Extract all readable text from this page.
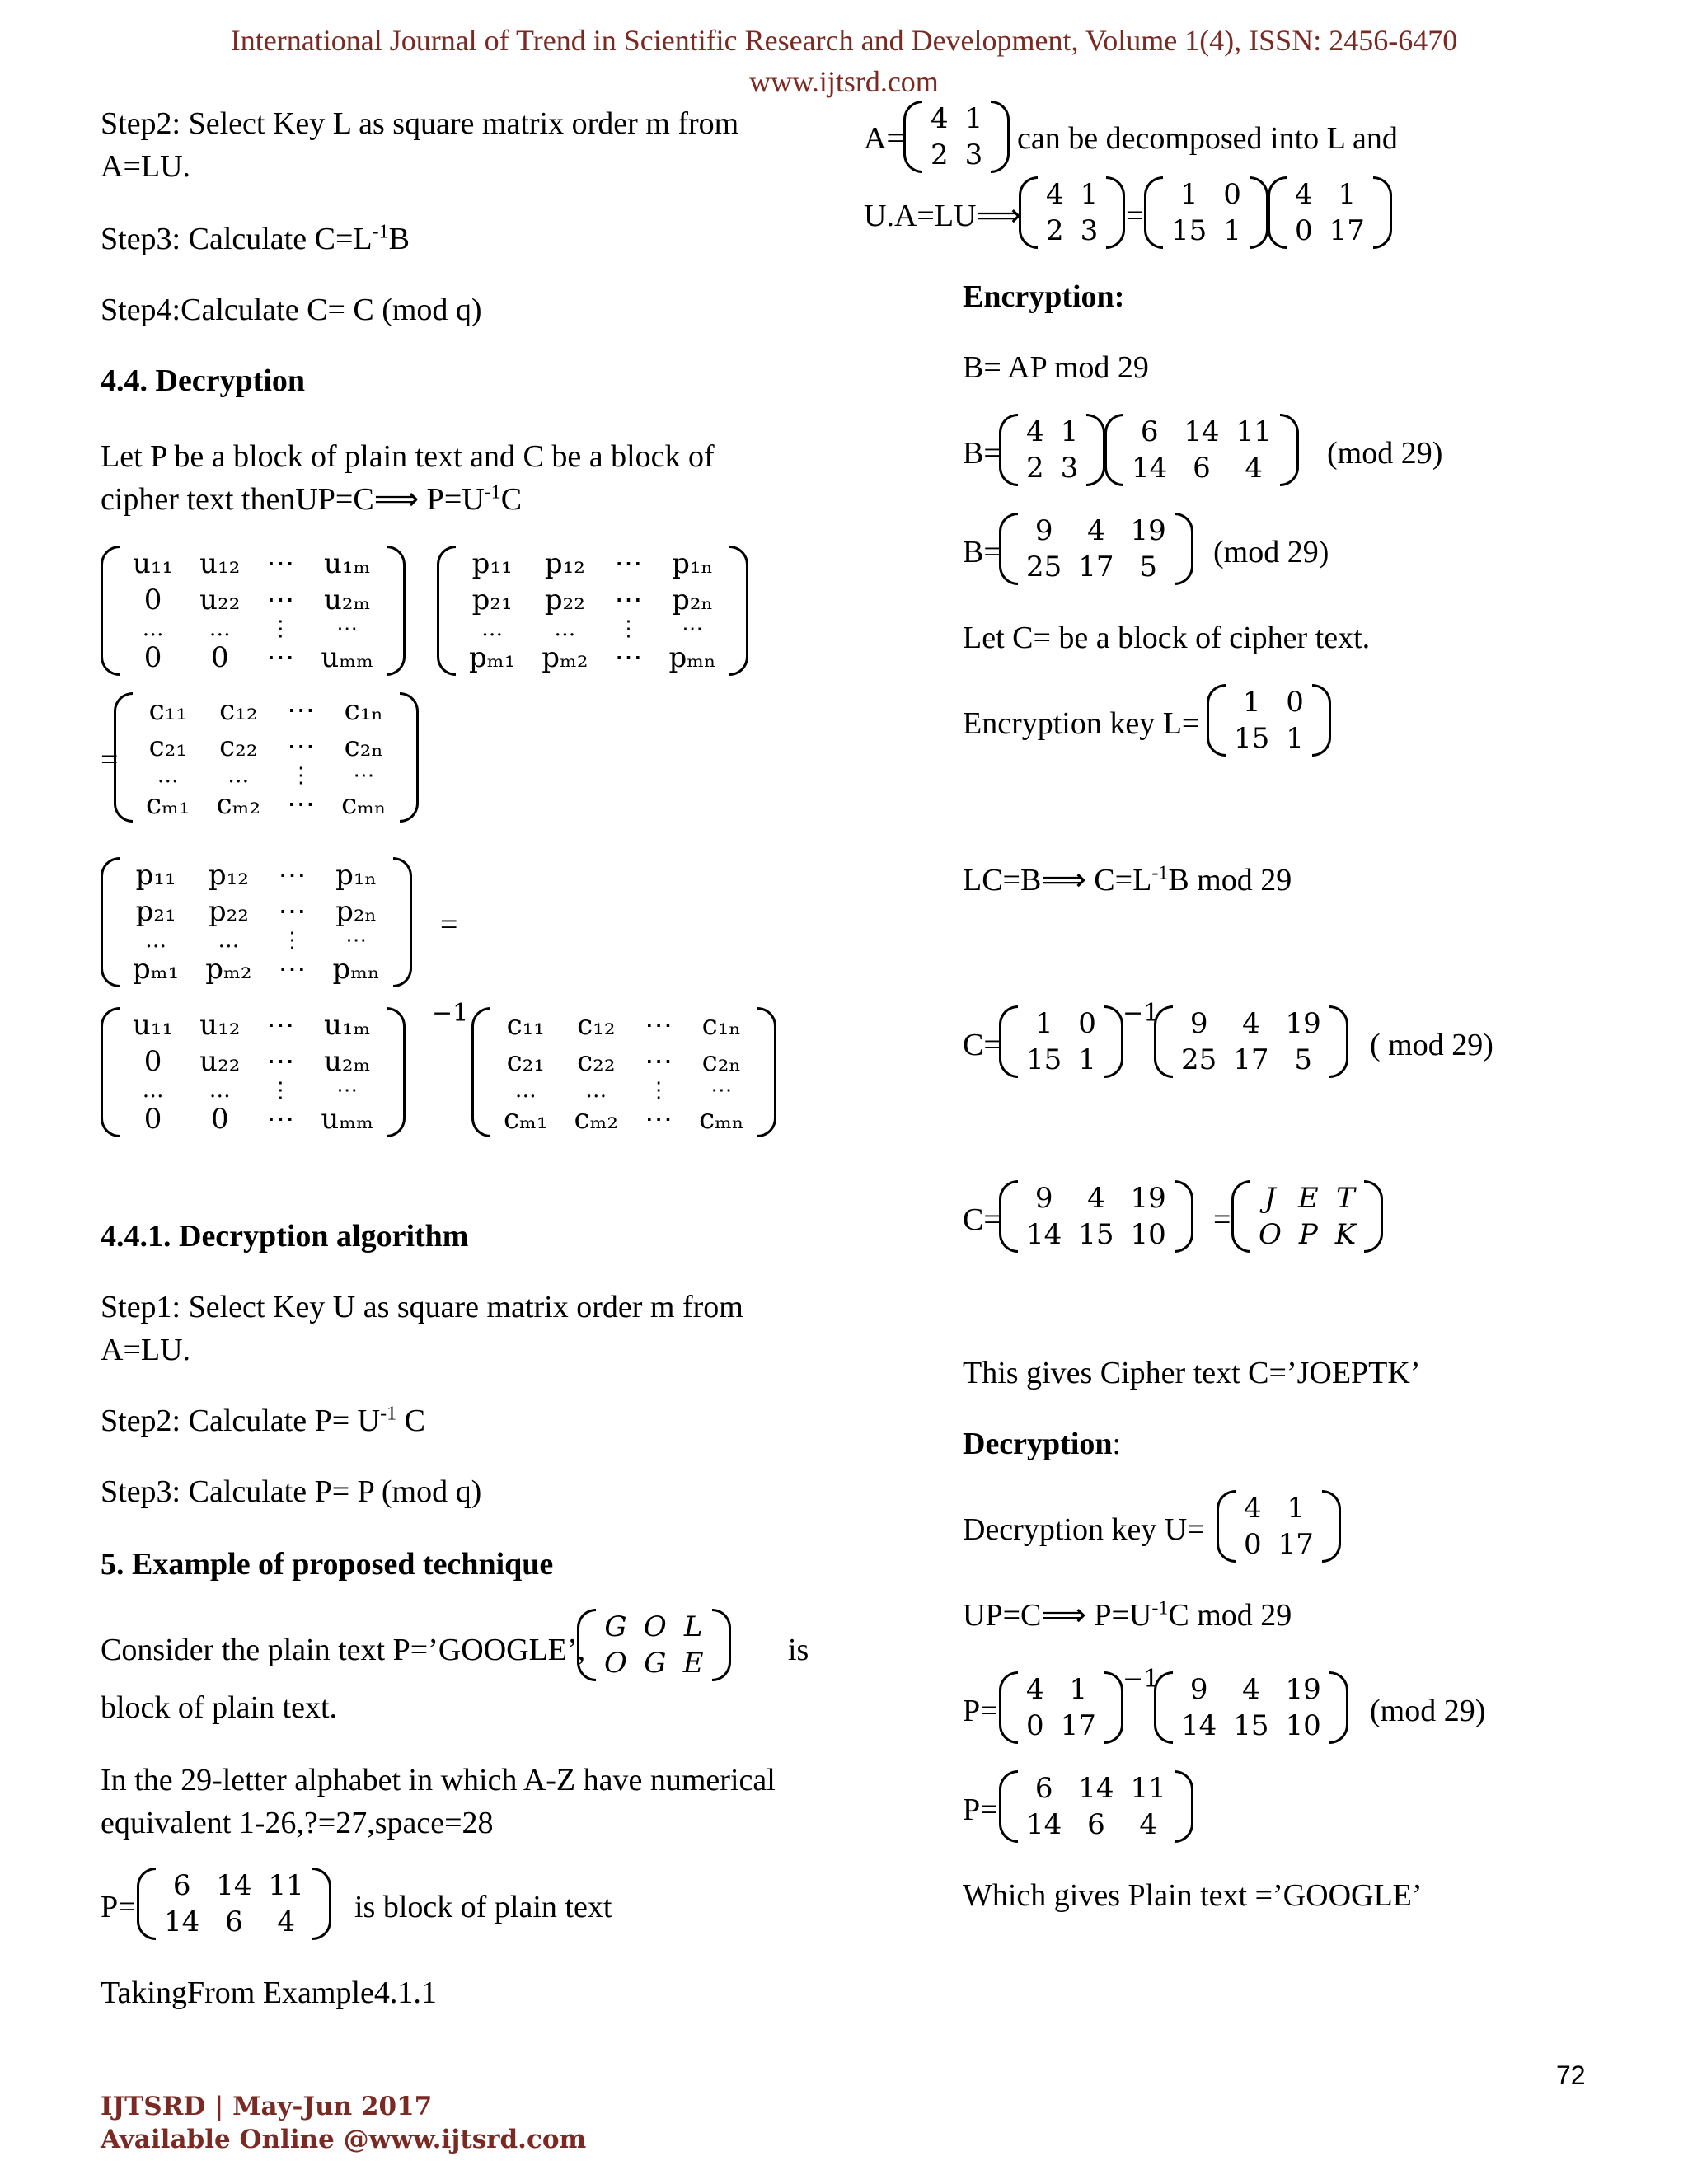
International Journal of Trend in Scientific Research and Development, Volume 1(4), ISSN: 2456-6470
www.ijtsrd.com
Step2: Select Key L as square matrix order m from
A=LU.
Step3: Calculate $C=L^{-1}B$
Step4:Calculate C= C (mod q)
4.4. Decryption
Let P be a block of plain text and C be a block of
cipher text thenUP=C⟹ $P=U^{-1}C$
u₁₁	u₁₂	⋯	u₁ₘ
0	u₂₂	⋯	u₂ₘ
…	…	⋮	⋯
0	0	⋯	uₘₘ
p₁₁	p₁₂	⋯	p₁ₙ
p₂₁	p₂₂	⋯	p₂ₙ
…	…	⋮	⋯
pₘ₁	pₘ₂	⋯	pₘₙ
=
c₁₁	c₁₂	⋯	c₁ₙ
c₂₁	c₂₂	⋯	c₂ₙ
…	…	⋮	⋯
cₘ₁	cₘ₂	⋯	cₘₙ
p₁₁	p₁₂	⋯	p₁ₙ
p₂₁	p₂₂	⋯	p₂ₙ
…	…	⋮	⋯
pₘ₁	pₘ₂	⋯	pₘₙ
=
u₁₁	u₁₂	⋯	u₁ₘ
0	u₂₂	⋯	u₂ₘ
…	…	⋮	⋯
0	0	⋯	uₘₘ
−1 c₁₁	c₁₂	⋯	c₁ₙ
c₂₁	c₂₂	⋯	c₂ₙ
…	…	⋮	⋯
cₘ₁	cₘ₂	⋯	cₘₙ
4.4.1. Decryption algorithm
Step1: Select Key U as square matrix order m from
A=LU.
Step2: Calculate $P= U^{-1}$ C
Step3: Calculate P= P (mod q)
5. Example of proposed technique
Consider the plain text P=’GOOGLE’,
G	O	L
O	G	E	is
block of plain text.
In the 29-letter alphabet in which A-Z have numerical
equivalent 1-26,?=27,space=28
P=
6	14	11
14	6	4 is block of plain text
TakingFrom Example4.1.1
A=
4	1
2	3 can be decomposed into L and
U.A=LU⟹
4	1
2	3 =
1	0
15	1
4	1
0	17
Encryption:
B= AP mod 29
B=
4	1
2	3
6	14	11
14	6	4 (mod 29)
B=
9	4	19
25	17	5 (mod 29)
Let C= be a block of cipher text.
Encryption key L=
1	0
15	1
LC=B⟹ $C=L^{-1}B$ mod 29
C=
1	0
15	1
−1 9	4	19
25	17	5 ( mod 29)
C=
9	4	19
14	15	10 =
J	E	T
O	P	K
This gives Cipher text C=’JOEPTK’
Decryption:
Decryption key U=
4	1
0	17
UP=C⟹ $P=U^{-1}C$ mod 29
P=
4	1
0	17
−1 9	4	19
14	15	10 (mod 29)
P=
6	14	11
14	6	4
Which gives Plain text =’GOOGLE’
72
IJTSRD | May-Jun 2017
Available Online @www.ijtsrd.com
